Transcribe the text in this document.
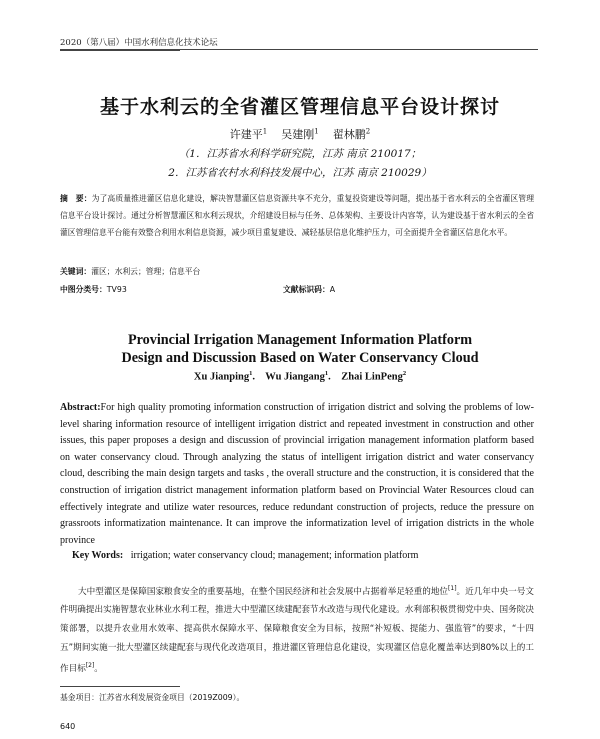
2020（第八届）中国水利信息化技术论坛
基于水利云的全省灌区管理信息平台设计探讨
许建平$^1$ 吴建刚$^1$ 翟林鹏$^2$
（1．江苏省水利科学研究院，江苏 南京 210017；
2．江苏省农村水利科技发展中心，江苏 南京 210029）
摘　要：为了高质量推进灌区信息化建设，解决智慧灌区信息资源共享不充分，重复投资建设等问题，提出基于省水利云的全省灌区管理信息平台设计探讨。通过分析智慧灌区和水利云现状，介绍建设目标与任务、总体架构、主要设计内容等，认为建设基于省水利云的全省灌区管理信息平台能有效整合利用水利信息资源，减少项目重复建设、减轻基层信息化维护压力，可全面提升全省灌区信息化水平。
关键词：灌区；水利云；管理；信息平台
中图分类号：TV93	文献标识码：A
Provincial Irrigation Management Information Platform
Design and Discussion Based on Water Conservancy Cloud
Xu Jianping$^1$.    Wu Jiangang$^1$.    Zhai LinPeng$^2$
Abstract:For high quality promoting information construction of irrigation district and solving the problems of low-level sharing information resource of intelligent irrigation district and repeated investment in construction and other issues, this paper proposes a design and discussion of provincial irrigation management information platform based on water conservancy cloud. Through analyzing the status of intelligent irrigation district and water conservancy cloud, describing the main design targets and tasks , the overall structure and the construction, it is considered that the construction of irrigation district management information platform based on Provincial Water Resources cloud can effectively integrate and utilize water resources, reduce redundant construction of projects, reduce the pressure on grassroots informatization maintenance. It can improve the informatization level of irrigation districts in the whole province
Key Words: irrigation; water conservancy cloud; management; information platform
大中型灌区是保障国家粮食安全的重要基地，在整个国民经济和社会发展中占据着举足轻重的地位[1]。近几年中央一号文件明确提出实施智慧农业林业水利工程，推进大中型灌区续建配套节水改造与现代化建设。水利部积极贯彻党中央、国务院决策部署，以提升农业用水效率、提高供水保障水平、保障粮食安全为目标，按照“补短板、提能力、强监管”的要求，“十四五”期间实施一批大型灌区续建配套与现代化改造项目，推进灌区管理信息化建设，实现灌区信息化覆盖率达到80%以上的工作目标[2]。
基金项目：江苏省水利发展资金项目（2019Z009）。
640
